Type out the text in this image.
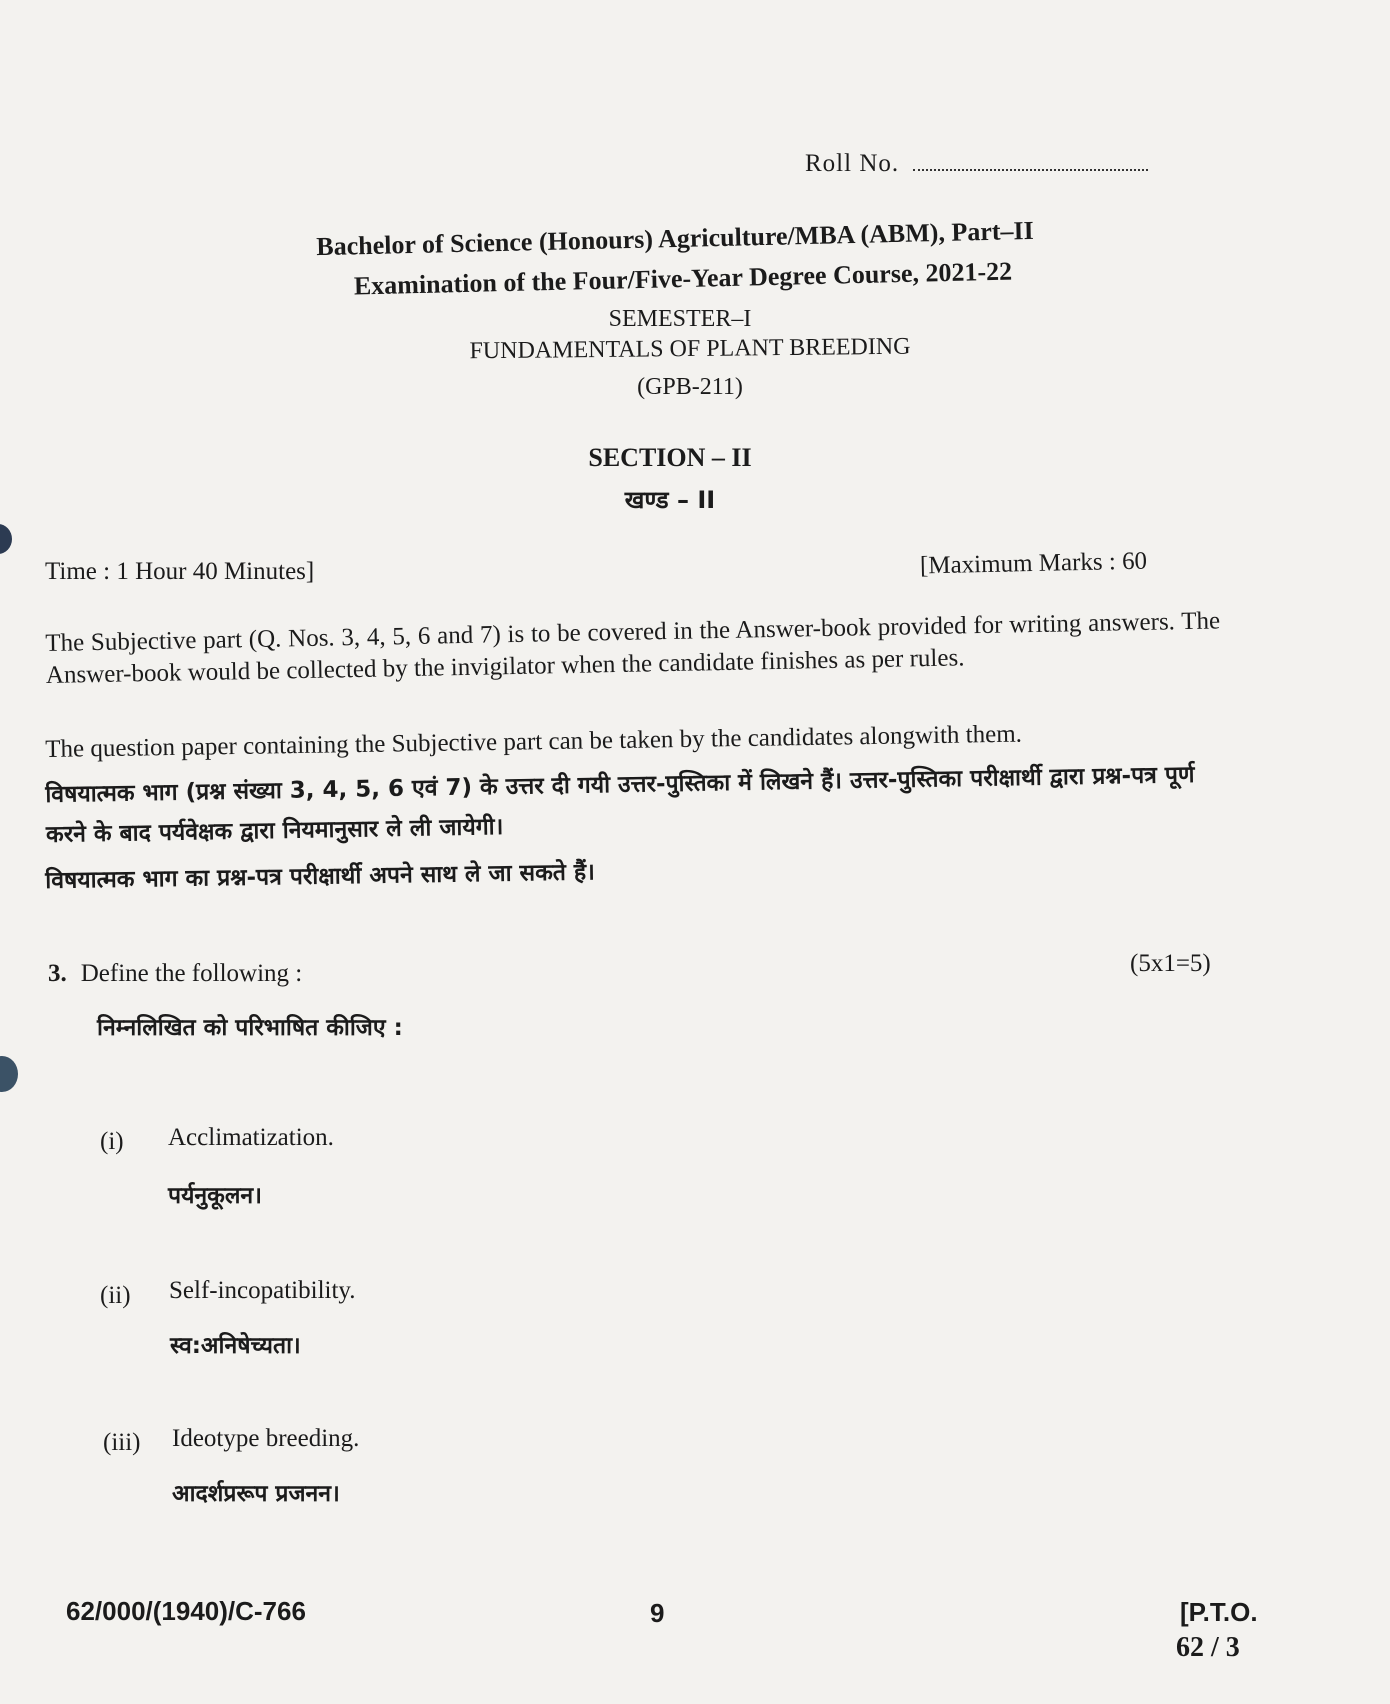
Roll No.
Bachelor of Science (Honours) Agriculture/MBA (ABM), Part–II
Examination of the Four/Five-Year Degree Course, 2021-22
SEMESTER–I
FUNDAMENTALS OF PLANT BREEDING
(GPB-211)
SECTION – II
खण्ड – II
Time : 1 Hour 40 Minutes]	[Maximum Marks : 60
The Subjective part (Q. Nos. 3, 4, 5, 6 and 7) is to be covered in the Answer-book provided for writing answers. The Answer-book would be collected by the invigilator when the candidate finishes as per rules.
The question paper containing the Subjective part can be taken by the candidates alongwith them.
विषयात्मक भाग (प्रश्न संख्या 3, 4, 5, 6 एवं 7) के उत्तर दी गयी उत्तर-पुस्तिका में लिखने हैं। उत्तर-पुस्तिका परीक्षार्थी द्वारा प्रश्न-पत्र पूर्ण करने के बाद पर्यवेक्षक द्वारा नियमानुसार ले ली जायेगी।
विषयात्मक भाग का प्रश्न-पत्र परीक्षार्थी अपने साथ ले जा सकते हैं।
3. Define the following :	(5x1=5)
निम्नलिखित को परिभाषित कीजिए :
(i) Acclimatization.
पर्यनुकूलन।
(ii) Self-incopatibility.
स्व:अनिषेच्यता।
(iii) Ideotype breeding.
आदर्शप्ररूप प्रजनन।
62/000/(1940)/C-766	9	[P.T.O.
62 / 3
